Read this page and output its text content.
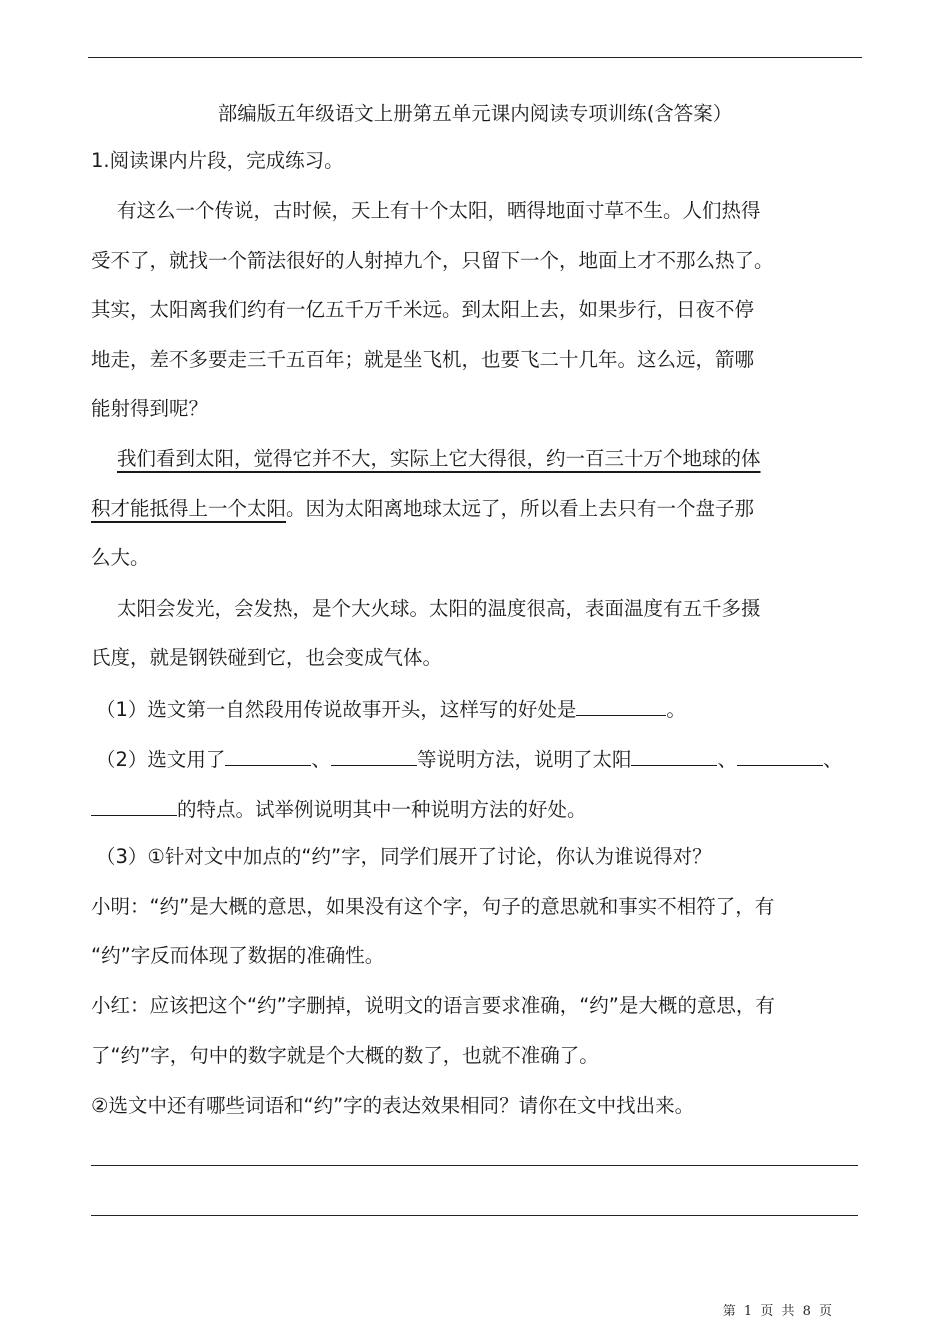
部编版五年级语文上册第五单元课内阅读专项训练(含答案）
1.阅读课内片段，完成练习。
有这么一个传说，古时候，天上有十个太阳，晒得地面寸草不生。人们热得
受不了，就找一个箭法很好的人射掉九个，只留下一个，地面上才不那么热了。
其实，太阳离我们约有一亿五千万千米远。到太阳上去，如果步行，日夜不停
地走，差不多要走三千五百年；就是坐飞机，也要飞二十几年。这么远，箭哪
能射得到呢？
我们看到太阳，觉得它并不大，实际上它大得很，约一百三十万个地球的体
积才能抵得上一个太阳。因为太阳离地球太远了，所以看上去只有一个盘子那
么大。
太阳会发光，会发热，是个大火球。太阳的温度很高，表面温度有五千多摄
氏度，就是钢铁碰到它，也会变成气体。
（1）选文第一自然段用传说故事开头，这样写的好处是	。
（2）选文用了	、	等说明方法，说明了太阳	、	、
的特点。试举例说明其中一种说明方法的好处。
（3）①针对文中加点的“约”字，同学们展开了讨论，你认为谁说得对？
小明：“约”是大概的意思，如果没有这个字，句子的意思就和事实不相符了，有
“约”字反而体现了数据的准确性。
小红：应该把这个“约”字删掉，说明文的语言要求准确，“约”是大概的意思，有
了“约”字，句中的数字就是个大概的数了，也就不准确了。
②选文中还有哪些词语和“约”字的表达效果相同？请你在文中找出来。
第 1 页 共 8 页
